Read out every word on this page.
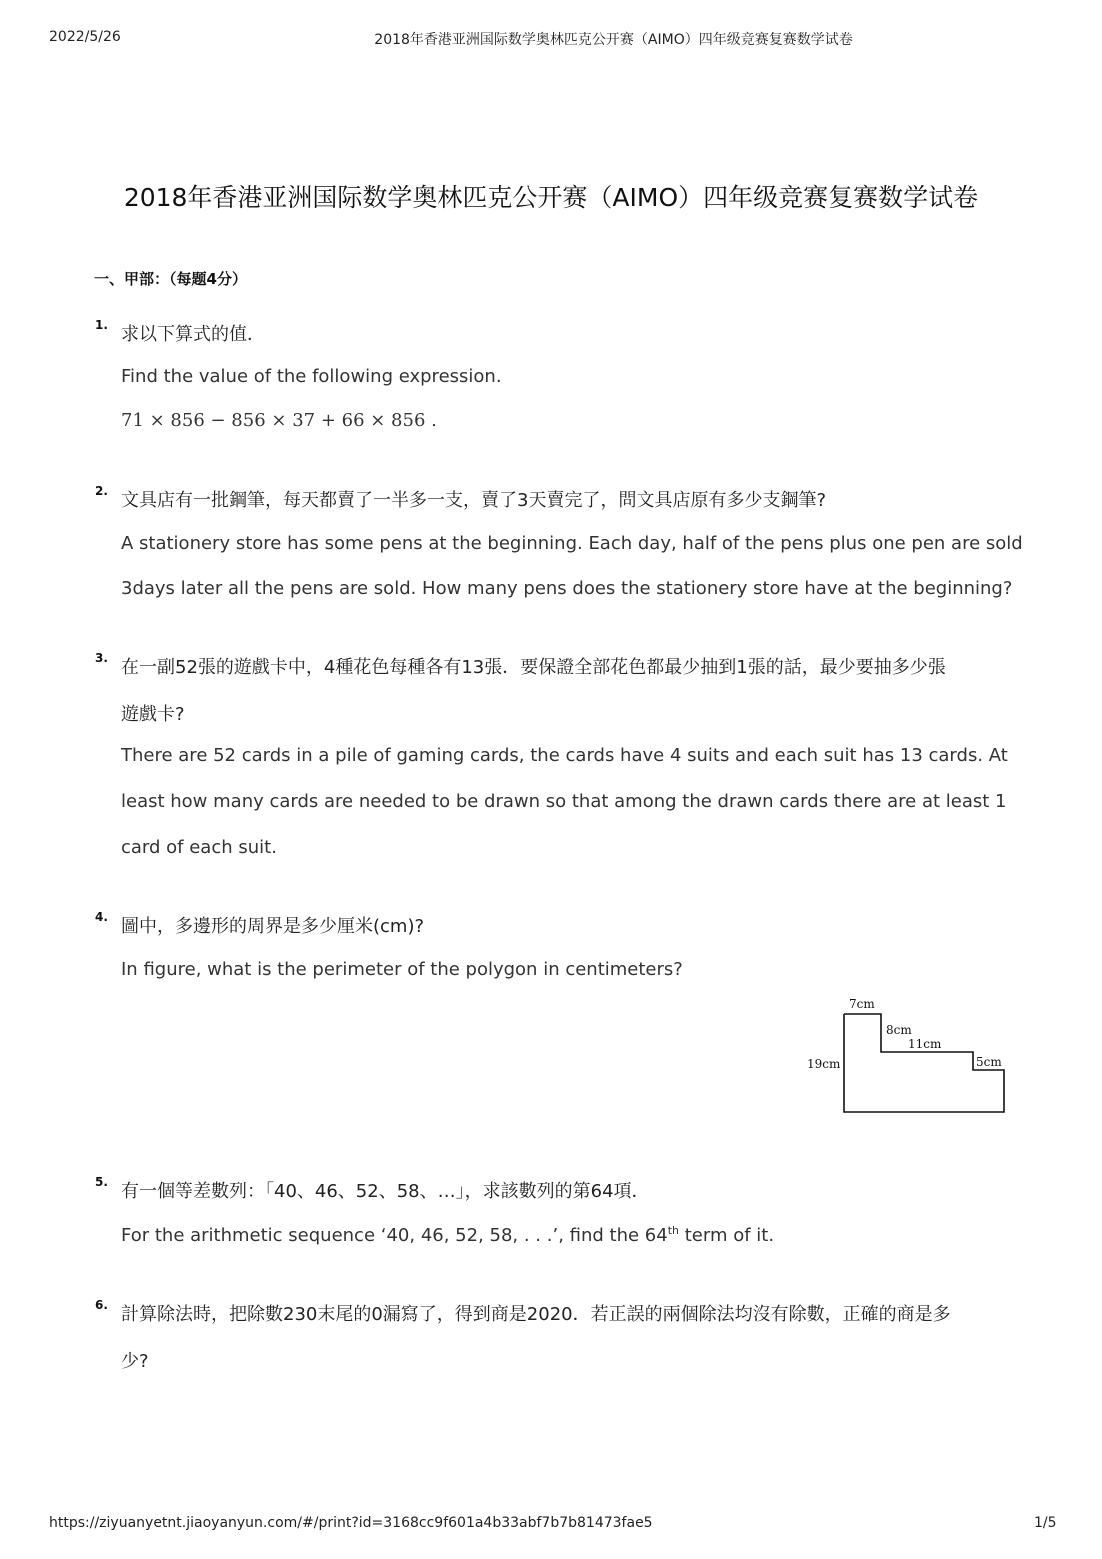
2022/5/26	2018年香港亚洲国际数学奥林匹克公开赛（AIMO）四年级竞赛复赛数学试卷
2018年香港亚洲国际数学奥林匹克公开赛（AIMO）四年级竞赛复赛数学试卷
一、甲部：（每题4分）
1. 求以下算式的值．
Find the value of the following expression.
71 × 856 − 856 × 37 + 66 × 856 .
2. 文具店有一批鋼筆，每天都賣了一半多一支，賣了3天賣完了，問文具店原有多少支鋼筆?
A stationery store has some pens at the beginning. Each day, half of the pens plus one pen are sold
3days later all the pens are sold. How many pens does the stationery store have at the beginning?
3. 在一副52張的遊戲卡中，4種花色每種各有13張．要保證全部花色都最少抽到1張的話，最少要抽多少張
遊戲卡?
There are 52 cards in a pile of gaming cards, the cards have 4 suits and each suit has 13 cards. At
least how many cards are needed to be drawn so that among the drawn cards there are at least 1
card of each suit.
4. 圖中，多邊形的周界是多少厘米(cm)?
In figure, what is the perimeter of the polygon in centimeters?
7cm
8cm
11cm
5cm
19cm
5. 有一個等差數列：「40、46、52、58、…」，求該數列的第64項．
For the arithmetic sequence ‘40, 46, 52, 58, . . .’, find the 64th term of it.
6. 計算除法時，把除數230末尾的0漏寫了，得到商是2020．若正誤的兩個除法均沒有除數，正確的商是多
少?
https://ziyuanyetnt.jiaoyanyun.com/#/print?id=3168cc9f601a4b33abf7b7b81473fae5	1/5
